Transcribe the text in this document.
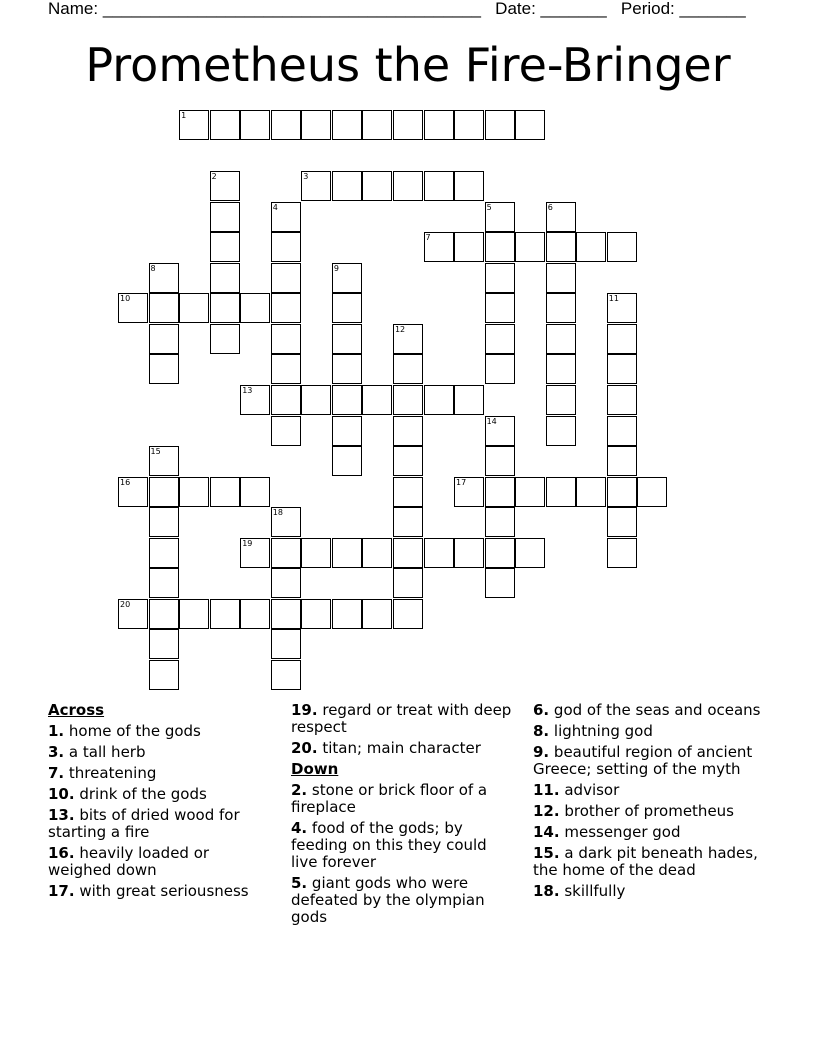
Name: ________________________________________ Date: _______ Period: _______
Prometheus the Fire-Bringer
1
3
7
10
13
16	17
19
20
2
4	5	6
8	9
11
12
14
15
18
Across
1. home of the gods
3. a tall herb
7. threatening
10. drink of the gods
13. bits of dried wood for starting a fire
16. heavily loaded or weighed down
17. with great seriousness
19. regard or treat with deep respect
20. titan; main character
Down
2. stone or brick floor of a fireplace
4. food of the gods; by feeding on this they could live forever
5. giant gods who were defeated by the olympian gods
6. god of the seas and oceans
8. lightning god
9. beautiful region of ancient Greece; setting of the myth
11. advisor
12. brother of prometheus
14. messenger god
15. a dark pit beneath hades, the home of the dead
18. skillfully
